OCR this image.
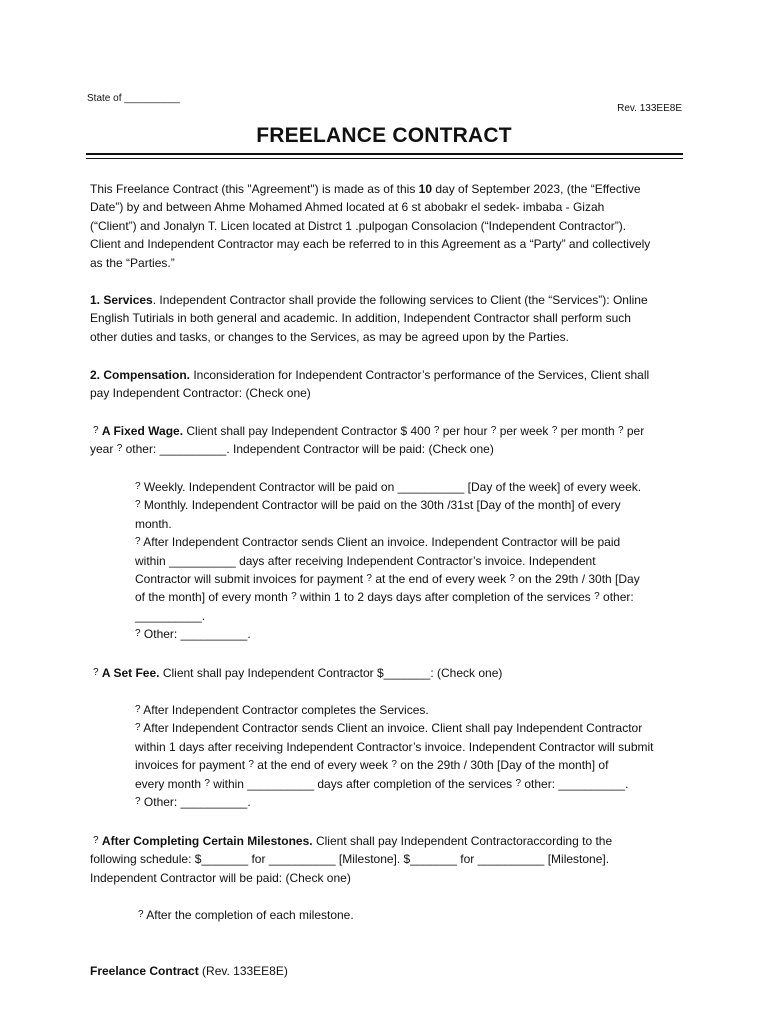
State of __________
Rev. 133EE8E
FREELANCE CONTRACT
This Freelance Contract (this "Agreement") is made as of this 10 day of September 2023, (the “Effective
Date”) by and between Ahme Mohamed Ahmed located at 6 st abobakr el sedek- imbaba - Gizah
(“Client”) and Jonalyn T. Licen located at Distrct 1 .pulpogan Consolacion (“Independent Contractor”).
Client and Independent Contractor may each be referred to in this Agreement as a “Party” and collectively
as the “Parties.”
1. Services. Independent Contractor shall provide the following services to Client (the “Services”): Online
English Tutirials in both general and academic. In addition, Independent Contractor shall perform such
other duties and tasks, or changes to the Services, as may be agreed upon by the Parties.
2. Compensation. Inconsideration for Independent Contractor’s performance of the Services, Client shall
pay Independent Contractor: (Check one)
? A Fixed Wage. Client shall pay Independent Contractor $ 400 ? per hour ? per week ? per month ? per
year ? other: __________. Independent Contractor will be paid: (Check one)
? Weekly. Independent Contractor will be paid on __________ [Day of the week] of every week.
? Monthly. Independent Contractor will be paid on the 30th /31st [Day of the month] of every
month.
? After Independent Contractor sends Client an invoice. Independent Contractor will be paid
within __________ days after receiving Independent Contractor’s invoice. Independent
Contractor will submit invoices for payment ? at the end of every week ? on the 29th / 30th [Day
of the month] of every month ? within 1 to 2 days days after completion of the services ? other:
__________.
? Other: __________.
? A Set Fee. Client shall pay Independent Contractor $_______: (Check one)
? After Independent Contractor completes the Services.
? After Independent Contractor sends Client an invoice. Client shall pay Independent Contractor
within 1 days after receiving Independent Contractor’s invoice. Independent Contractor will submit
invoices for payment ? at the end of every week ? on the 29th / 30th [Day of the month] of
every month ? within __________ days after completion of the services ? other: __________.
? Other: __________.
? After Completing Certain Milestones. Client shall pay Independent Contractoraccording to the
following schedule: $_______ for __________ [Milestone]. $_______ for __________ [Milestone].
Independent Contractor will be paid: (Check one)
? After the completion of each milestone.
Freelance Contract (Rev. 133EE8E)
